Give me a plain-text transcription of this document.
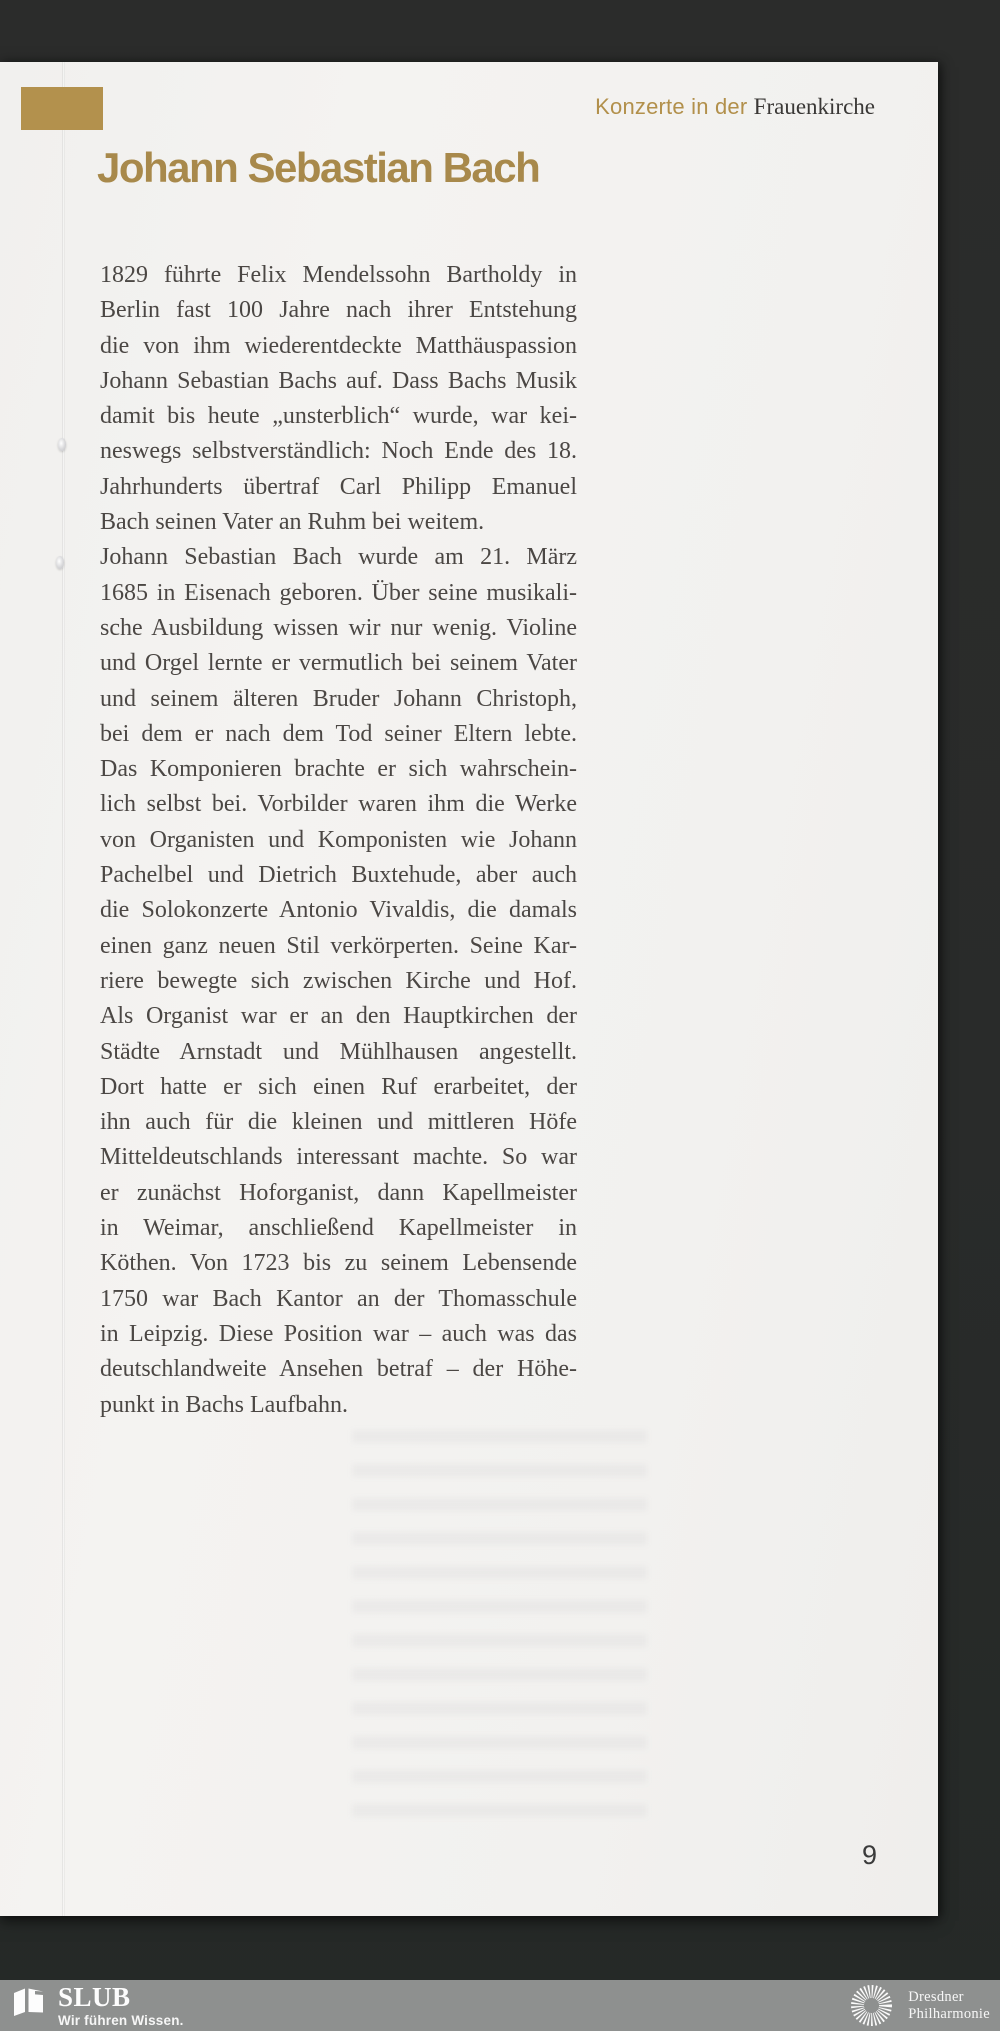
Konzerte in der Frauenkirche
Johann Sebastian Bach
1829 führte Felix Mendelssohn Bartholdy in
Berlin fast 100 Jahre nach ihrer Entstehung
die von ihm wiederentdeckte Matthäuspassion
Johann Sebastian Bachs auf. Dass Bachs Musik
damit bis heute „unsterblich“ wurde, war kei-
neswegs selbstverständlich: Noch Ende des 18.
Jahrhunderts übertraf Carl Philipp Emanuel
Bach seinen Vater an Ruhm bei weitem.
Johann Sebastian Bach wurde am 21. März
1685 in Eisenach geboren. Über seine musikali-
sche Ausbildung wissen wir nur wenig. Violine
und Orgel lernte er vermutlich bei seinem Vater
und seinem älteren Bruder Johann Christoph,
bei dem er nach dem Tod seiner Eltern lebte.
Das Komponieren brachte er sich wahrschein-
lich selbst bei. Vorbilder waren ihm die Werke
von Organisten und Komponisten wie Johann
Pachelbel und Dietrich Buxtehude, aber auch
die Solokonzerte Antonio Vivaldis, die damals
einen ganz neuen Stil verkörperten. Seine Kar-
riere bewegte sich zwischen Kirche und Hof.
Als Organist war er an den Hauptkirchen der
Städte Arnstadt und Mühlhausen angestellt.
Dort hatte er sich einen Ruf erarbeitet, der
ihn auch für die kleinen und mittleren Höfe
Mitteldeutschlands interessant machte. So war
er zunächst Hoforganist, dann Kapellmeister
in Weimar, anschließend Kapellmeister in
Köthen. Von 1723 bis zu seinem Lebensende
1750 war Bach Kantor an der Thomasschule
in Leipzig. Diese Position war – auch was das
deutschlandweite Ansehen betraf – der Höhe-
punkt in Bachs Laufbahn.
9
SLUB
Wir führen Wissen.
Dresdner
Philharmonie
